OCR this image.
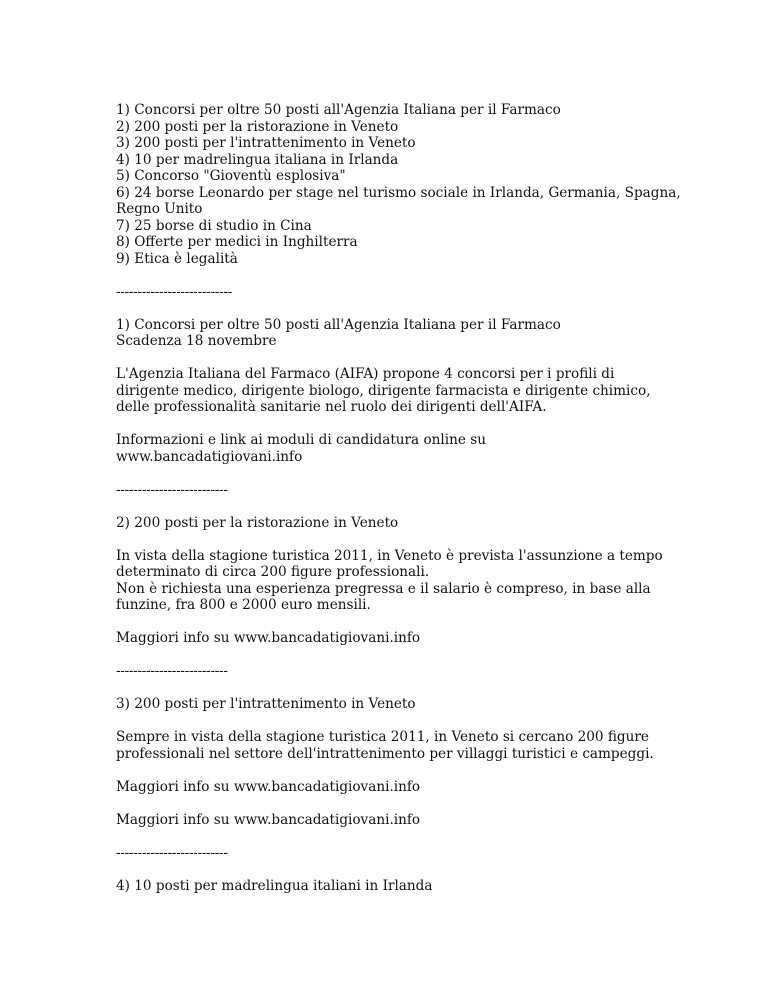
1) Concorsi per oltre 50 posti all'Agenzia Italiana per il Farmaco
2) 200 posti per la ristorazione in Veneto
3) 200 posti per l'intrattenimento in Veneto
4) 10 per madrelingua italiana in Irlanda
5) Concorso "Gioventù esplosiva"
6) 24 borse Leonardo per stage nel turismo sociale in Irlanda, Germania, Spagna,
Regno Unito
7) 25 borse di studio in Cina
8) Offerte per medici in Inghilterra
9) Etica è legalità
---------------------------
1) Concorsi per oltre 50 posti all'Agenzia Italiana per il Farmaco
Scadenza 18 novembre
L'Agenzia Italiana del Farmaco (AIFA) propone 4 concorsi per i profili di
dirigente medico, dirigente biologo, dirigente farmacista e dirigente chimico,
delle professionalità sanitarie nel ruolo dei dirigenti dell'AIFA.
Informazioni e link ai moduli di candidatura online su
www.bancadatigiovani.info
--------------------------
2) 200 posti per la ristorazione in Veneto
In vista della stagione turistica 2011, in Veneto è prevista l'assunzione a tempo
determinato di circa 200 figure professionali.
Non è richiesta una esperienza pregressa e il salario è compreso, in base alla
funzine, fra 800 e 2000 euro mensili.
Maggiori info su www.bancadatigiovani.info
--------------------------
3) 200 posti per l'intrattenimento in Veneto
Sempre in vista della stagione turistica 2011, in Veneto si cercano 200 figure
professionali nel settore dell'intrattenimento per villaggi turistici e campeggi.
Maggiori info su www.bancadatigiovani.info
Maggiori info su www.bancadatigiovani.info
--------------------------
4) 10 posti per madrelingua italiani in Irlanda
